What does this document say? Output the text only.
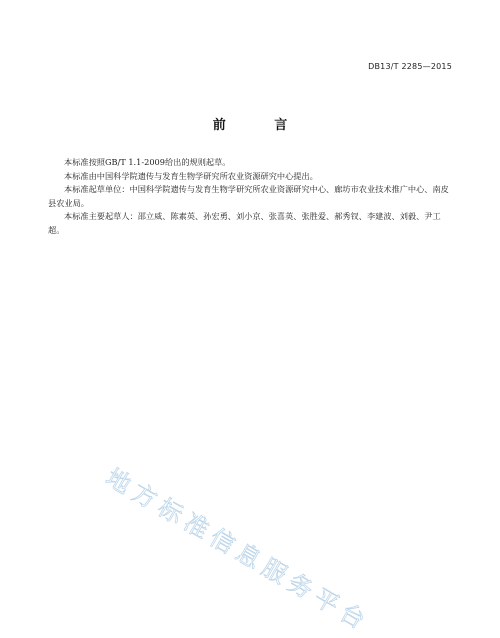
DB13/T 2285—2015
前 言

本标准按照GB/T 1.1-2009给出的规则起草。

本标准由中国科学院遗传与发育生物学研究所农业资源研究中心提出。

本标准起草单位：中国科学院遗传与发育生物学研究所农业资源研究中心、廊坊市农业技术推广中心、南皮县农业局。

本标准主要起草人：邵立威、陈素英、孙宏勇、刘小京、张喜英、张胜爱、郝秀钗、李建波、刘毅、尹工超。

地方标准信息服务平台
